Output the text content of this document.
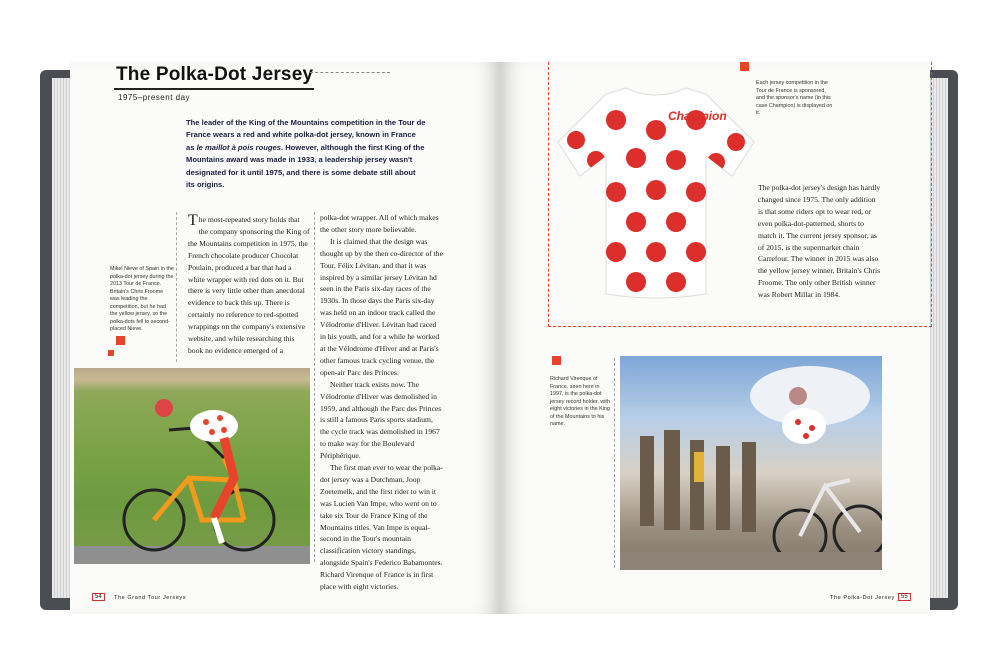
The Polka-Dot Jersey
1975–present day
The leader of the King of the Mountains competition in the Tour de France wears a red and white polka-dot jersey, known in France as le maillot à pois rouges. However, although the first King of the Mountains award was made in 1933, a leadership jersey wasn't designated for it until 1975, and there is some debate still about its origins.

The most-repeated story holds that the company sponsoring the King of the Mountains competition in 1975, the French chocolate producer Chocolat Poulain, produced a bar that had a white wrapper with red dots on it. But there is very little other than anecdotal evidence to back this up. There is certainly no reference to red-spotted wrappings on the company's extensive website, and while researching this book no evidence emerged of a

polka-dot wrapper. All of which makes the other story more believable.

It is claimed that the design was thought up by the then co-director of the Tour, Félix Lévitan, and that it was inspired by a similar jersey Lévitan hd seen in the Paris six-day races of the 1930s. In those days the Paris six-day was held on an indoor track called the Vélodrome d'Hiver. Lévitan had raced in his youth, and for a while he worked at the Vélodrome d'Hiver and at Paris's other famous track cycling venue, the open-air Parc des Princes.

Neither track exists now. The Vélodrome d'Hiver was demolished in 1959, and although the Parc des Princes is still a famous Paris sports stadium, the cycle track was demolished in 1967 to make way for the Boulevard Périphérique.

The first man ever to wear the polka-dot jersey was a Dutchman, Joop Zoetemelk, and the first rider to win it was Lucien Van Impe, who went on to take six Tour de France King of the Mountains titles. Van Impe is equal-second in the Tour's mountain classification victory standings, alongside Spain's Federico Bahamontes. Richard Virenque of France is in first place with eight victories.

Mikel Nieve of Spain in the polka-dot jersey during the 2013 Tour de France. Britain's Chris Froome was leading the competition, but he had the yellow jersey, so the polka-dots fell to second-placed Nieve.
54	The Grand Tour Jerseys
Champion
Each jersey competition in the Tour de France is sponsored, and the sponsor's name (in this case Champion) is displayed on it.

The polka-dot jersey's design has hardly changed since 1975. The only addition is that some riders opt to wear red, or even polka-dot-patterned, shorts to match it. The current jersey sponsor, as of 2015, is the supermarket chain Carrefour. The winner in 2015 was also the yellow jersey winner, Britain's Chris Froome. The only other British winner was Robert Millar in 1984.

Richard Virenque of France, seen here in 1997, is the polka-dot jersey record holder, with eight victories in the King of the Mountains to his name.
The Polka-Dot Jersey	55
